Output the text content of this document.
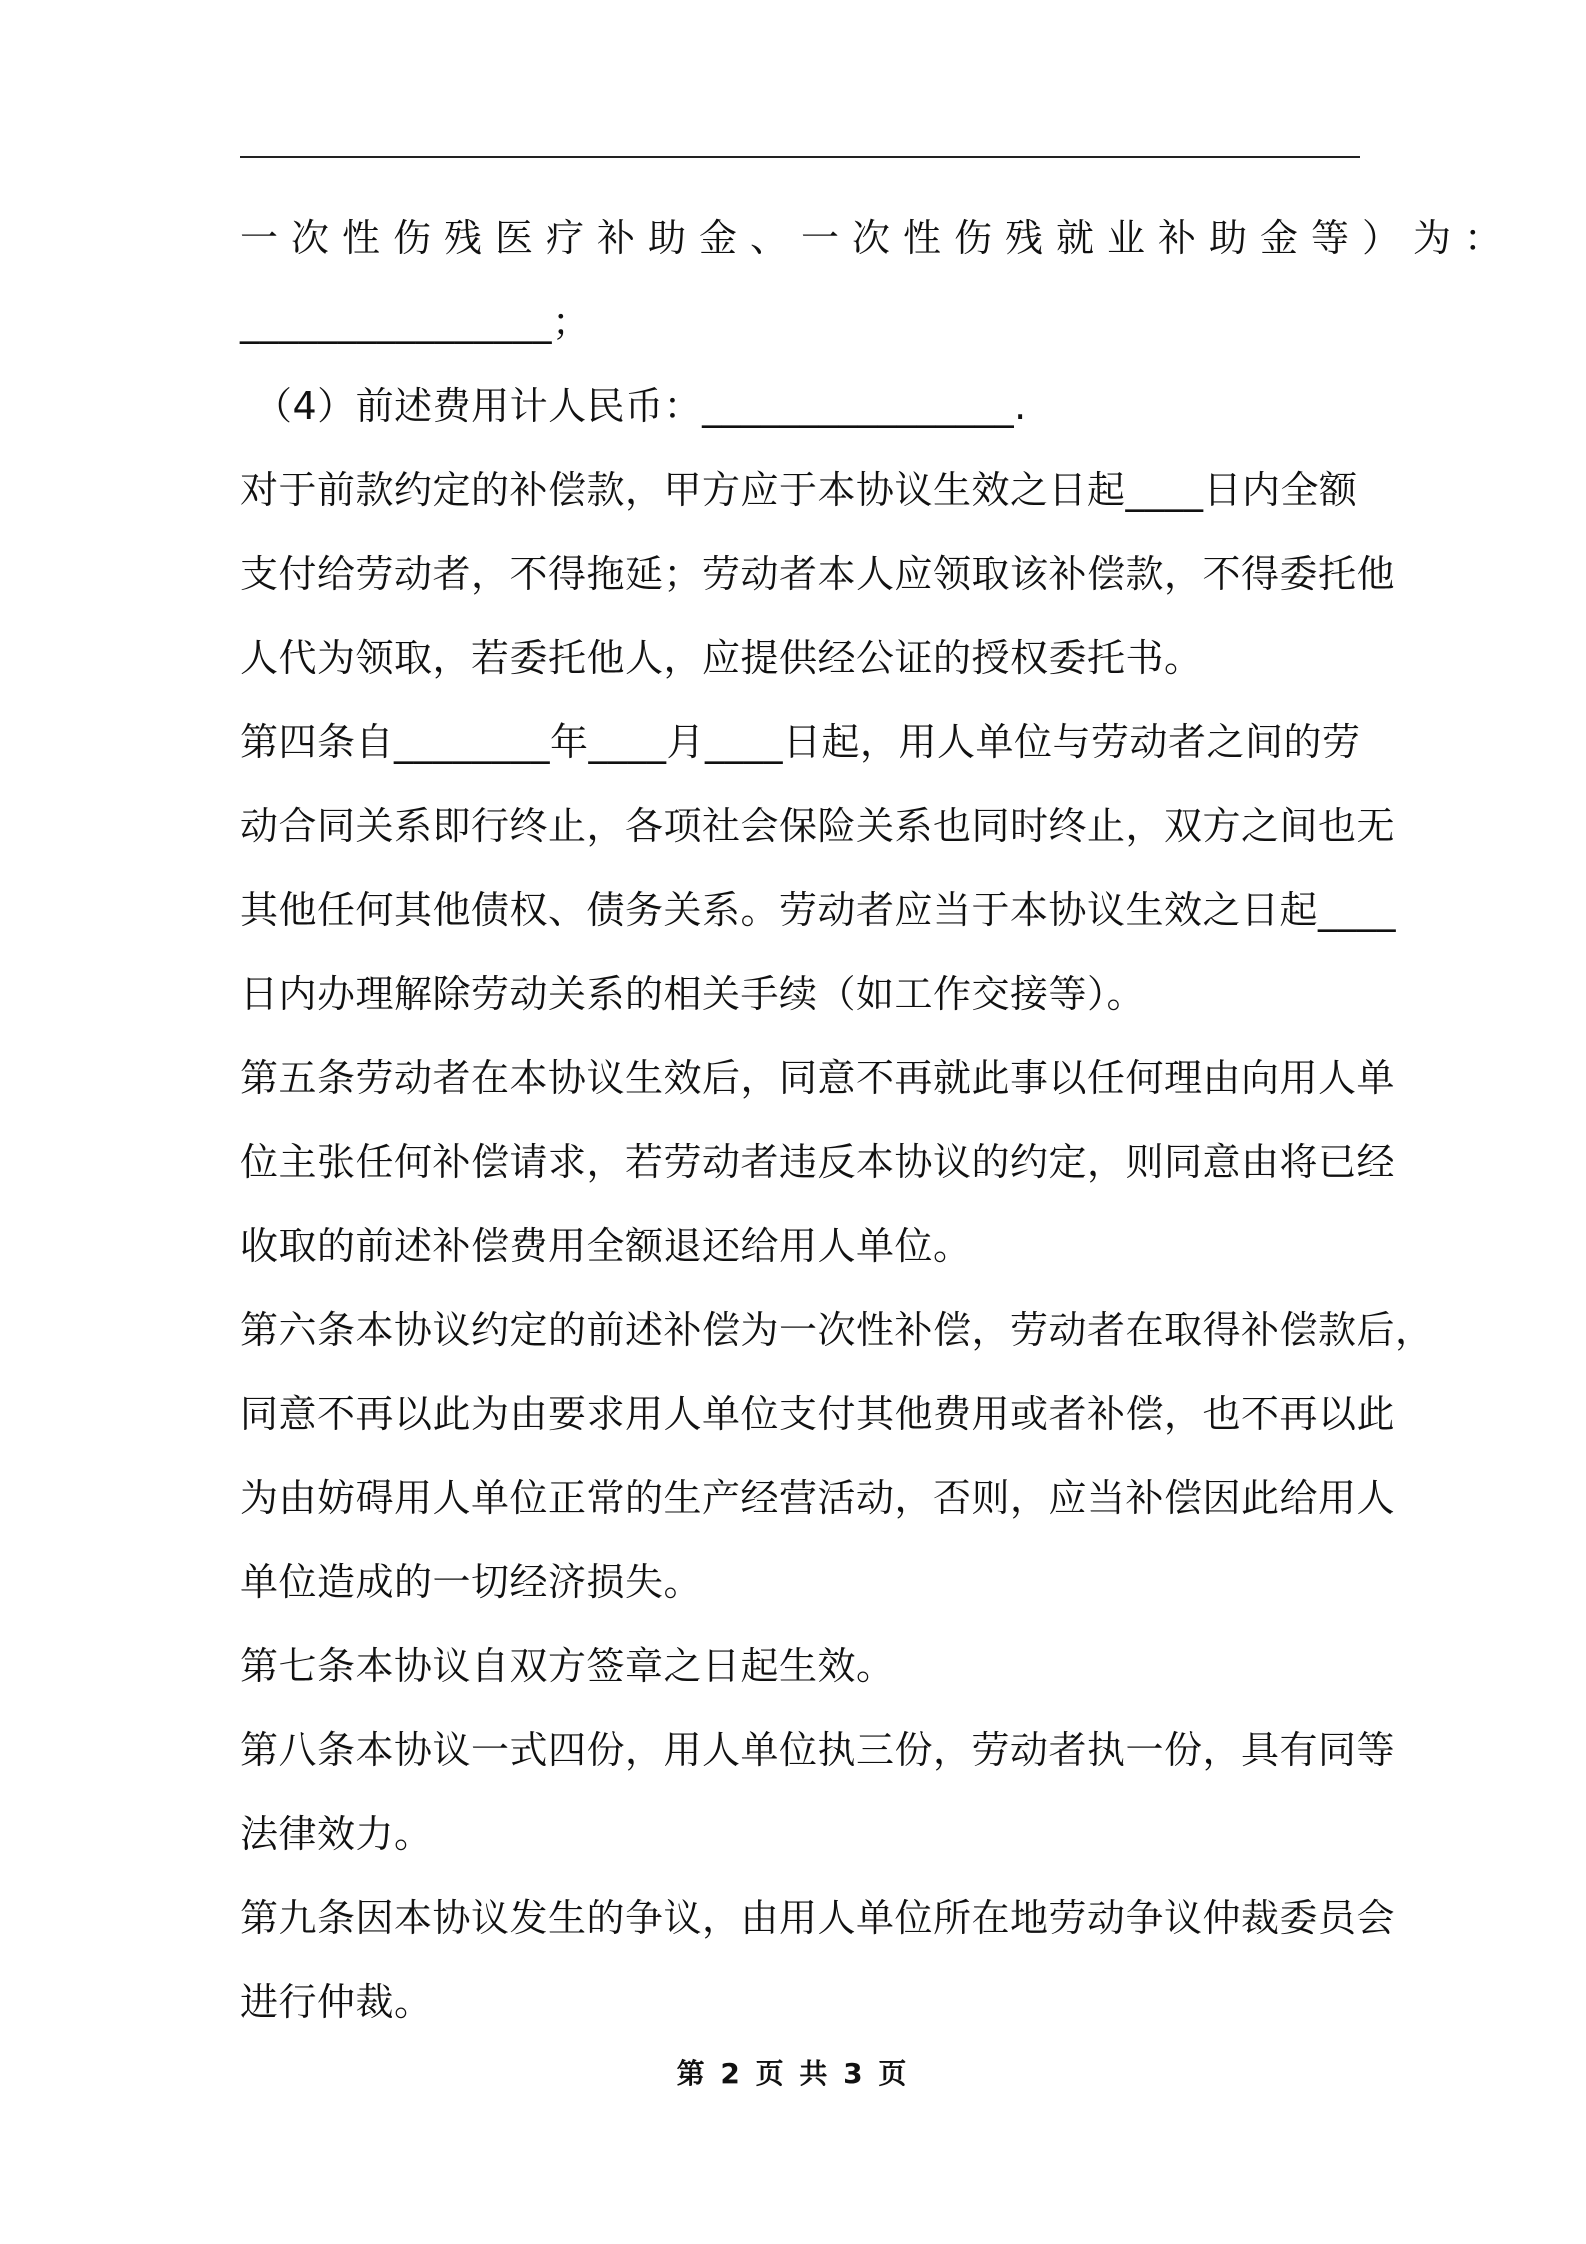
一次性伤残医疗补助金、一次性伤残就业补助金等）为：
________________；
（4）前述费用计人民币：________________.
对于前款约定的补偿款，甲方应于本协议生效之日起____日内全额
支付给劳动者，不得拖延；劳动者本人应领取该补偿款，不得委托他
人代为领取，若委托他人，应提供经公证的授权委托书。
第四条自________年____月____日起，用人单位与劳动者之间的劳
动合同关系即行终止，各项社会保险关系也同时终止，双方之间也无
其他任何其他债权、债务关系。劳动者应当于本协议生效之日起____
日内办理解除劳动关系的相关手续（如工作交接等）。
第五条劳动者在本协议生效后，同意不再就此事以任何理由向用人单
位主张任何补偿请求，若劳动者违反本协议的约定，则同意由将已经
收取的前述补偿费用全额退还给用人单位。
第六条本协议约定的前述补偿为一次性补偿，劳动者在取得补偿款后，
同意不再以此为由要求用人单位支付其他费用或者补偿，也不再以此
为由妨碍用人单位正常的生产经营活动，否则，应当补偿因此给用人
单位造成的一切经济损失。
第七条本协议自双方签章之日起生效。
第八条本协议一式四份，用人单位执三份，劳动者执一份，具有同等
法律效力。
第九条因本协议发生的争议，由用人单位所在地劳动争议仲裁委员会
进行仲裁。
第 2 页 共 3 页
